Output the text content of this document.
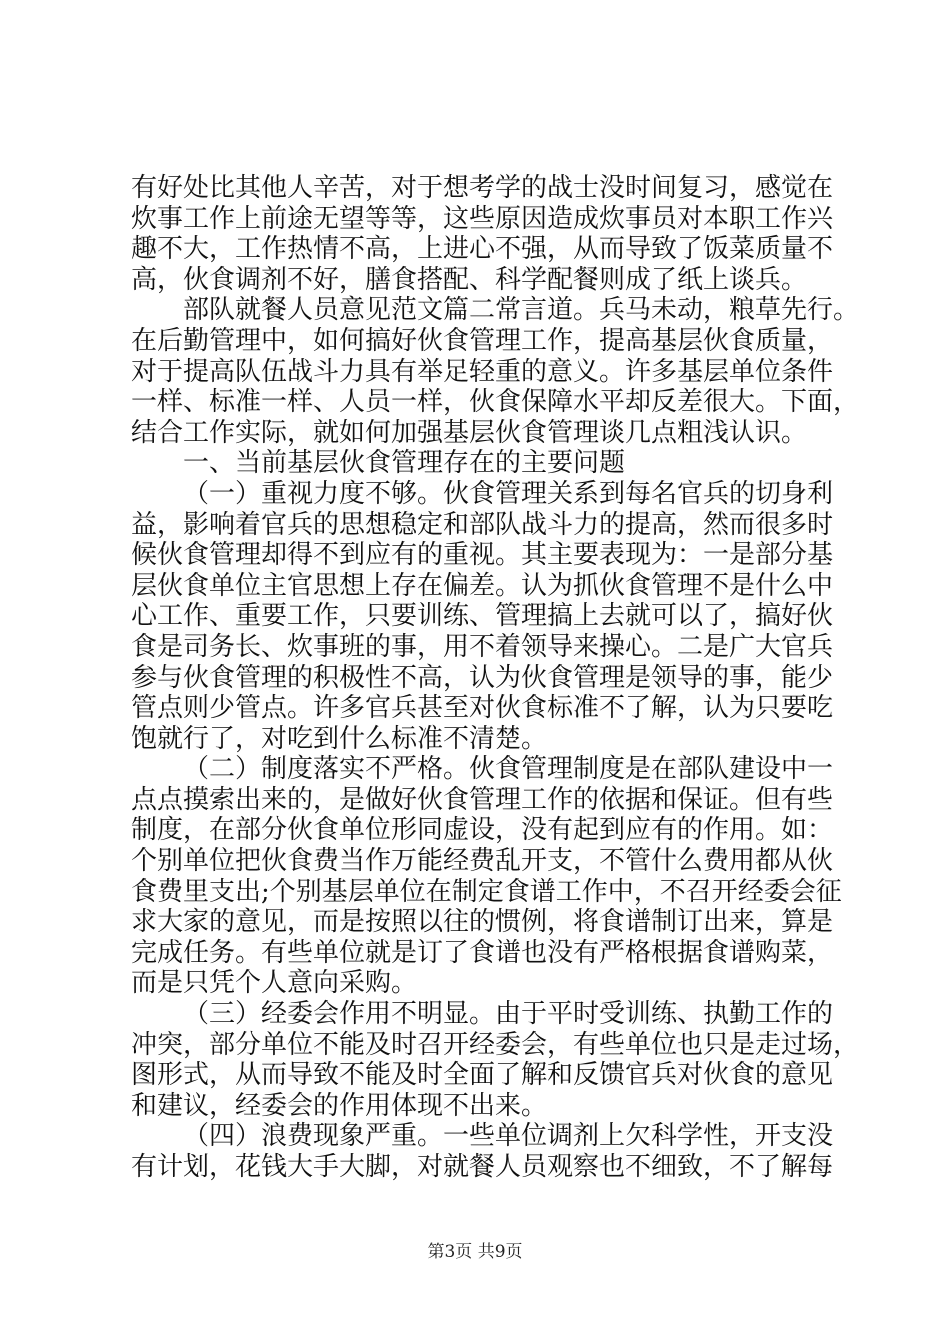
有好处比其他人辛苦，对于想考学的战士没时间复习，感觉在
炊事工作上前途无望等等，这些原因造成炊事员对本职工作兴
趣不大，工作热情不高，上进心不强，从而导致了饭菜质量不
高，伙食调剂不好，膳食搭配、科学配餐则成了纸上谈兵。
部队就餐人员意见范文篇二常言道。兵马未动，粮草先行。
在后勤管理中，如何搞好伙食管理工作，提高基层伙食质量，
对于提高队伍战斗力具有举足轻重的意义。许多基层单位条件
一样、标准一样、人员一样，伙食保障水平却反差很大。下面，
结合工作实际，就如何加强基层伙食管理谈几点粗浅认识。
一、当前基层伙食管理存在的主要问题
（一）重视力度不够。伙食管理关系到每名官兵的切身利
益，影响着官兵的思想稳定和部队战斗力的提高，然而很多时
候伙食管理却得不到应有的重视。其主要表现为：一是部分基
层伙食单位主官思想上存在偏差。认为抓伙食管理不是什么中
心工作、重要工作，只要训练、管理搞上去就可以了，搞好伙
食是司务长、炊事班的事，用不着领导来操心。二是广大官兵
参与伙食管理的积极性不高，认为伙食管理是领导的事，能少
管点则少管点。许多官兵甚至对伙食标准不了解，认为只要吃
饱就行了，对吃到什么标准不清楚。
（二）制度落实不严格。伙食管理制度是在部队建设中一
点点摸索出来的，是做好伙食管理工作的依据和保证。但有些
制度，在部分伙食单位形同虚设，没有起到应有的作用。如：
个别单位把伙食费当作万能经费乱开支，不管什么费用都从伙
食费里支出;个别基层单位在制定食谱工作中，不召开经委会征
求大家的意见，而是按照以往的惯例，将食谱制订出来，算是
完成任务。有些单位就是订了食谱也没有严格根据食谱购菜，
而是只凭个人意向采购。
（三）经委会作用不明显。由于平时受训练、执勤工作的
冲突，部分单位不能及时召开经委会，有些单位也只是走过场，
图形式，从而导致不能及时全面了解和反馈官兵对伙食的意见
和建议，经委会的作用体现不出来。
（四）浪费现象严重。一些单位调剂上欠科学性，开支没
有计划，花钱大手大脚，对就餐人员观察也不细致，不了解每
第3页 共9页
